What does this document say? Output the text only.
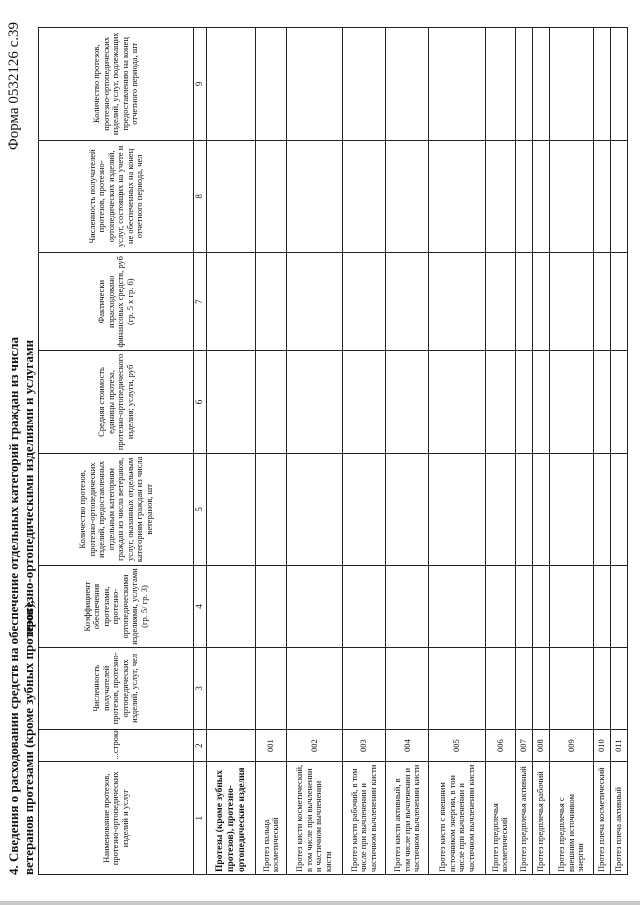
Форма 0532126 с.39
4. Сведения о расходовании средств на обеспечение отдельных категорий граждан из числа ветеранов протезами (кроме зубных протезов),
протезно-ортопедическими изделиями и услугами
Наименование протезов, протезно-ортопедических изделий и услуг	...строки	Численность получателей протезов, протезно-ортопедических изделий, услуг, чел	Коэффициент обеспечения протезами, протезно-ортопедическими изделиями, услугами (гр. 5/ гр. 3)	Количество протезов, протезно-ортопедических изделий, предоставленных отдельным категориям граждан из числа ветеранов, услуг, оказанных отдельным категориям граждан из числа ветеранов, шт	Средняя стоимость единицы протеза, протезно-ортопедического изделия; услуги, руб	Фактически израсходовано финансовых средств, руб (гр. 5 х гр. 6)	Численность получателей протезов, протезно-ортопедических изделий, услуг, состоящих на учете и не обеспеченных на конец отчетного периода, чел	Количество протезов, протезно-ортопедических изделий, услуг, подлежащих предоставлению на конец отчетного периода, шт
1	2	3	4	5	6	7	8	9
Протезы (кроме зубных протезов), протезно-ортопедические изделия								
Протез пальца косметический	001							
Протез кисти косметический, в том числе при вычленении и частичном вычленении кисти	002							
Протез кисти рабочий, в том числе при вычленении и частичном вычленении кисти	003							
Протез кисти активный, в том числе при вычленении и частичном вычленении кисти	004							
Протез кисти с внешним источником энергии, в том числе при вычленении и частичном вычленении кисти	005							
Протез предплечья косметический	006							
Протез предплечья активный	007							
Протез предплечья рабочий	008							
Протез предплечья с внешним источником энергии	009							
Протез плеча косметический	010							
Протез плеча активный	011							
